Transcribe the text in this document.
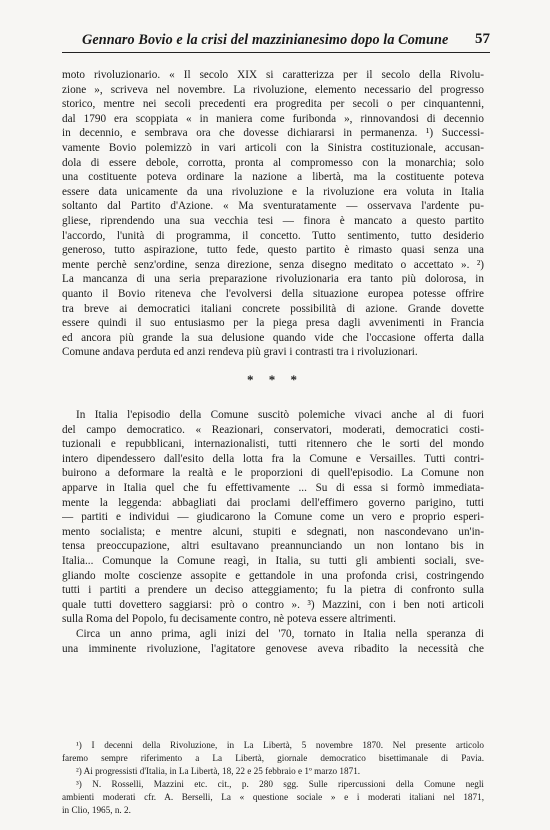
Gennaro Bovio e la crisi del mazzinianesimo dopo la Comune 57
moto rivoluzionario. « Il secolo XIX si caratterizza per il secolo della Rivolu-
zione », scriveva nel novembre. La rivoluzione, elemento necessario del progresso
storico, mentre nei secoli precedenti era progredita per secoli o per cinquantenni,
dal 1790 era scoppiata « in maniera come furibonda », rinnovandosi di decennio
in decennio, e sembrava ora che dovesse dichiararsi in permanenza. ¹) Successi-
vamente Bovio polemizzò in vari articoli con la Sinistra costituzionale, accusan-
dola di essere debole, corrotta, pronta al compromesso con la monarchia; solo
una costituente poteva ordinare la nazione a libertà, ma la costituente poteva
essere data unicamente da una rivoluzione e la rivoluzione era voluta in Italia
soltanto dal Partito d'Azione. « Ma sventuratamente — osservava l'ardente pu-
gliese, riprendendo una sua vecchia tesi — finora è mancato a questo partito
l'accordo, l'unità di programma, il concetto. Tutto sentimento, tutto desiderio
generoso, tutto aspirazione, tutto fede, questo partito è rimasto quasi senza una
mente perchè senz'ordine, senza direzione, senza disegno meditato o accettato ». ²)
La mancanza di una seria preparazione rivoluzionaria era tanto più dolorosa, in
quanto il Bovio riteneva che l'evolversi della situazione europea potesse offrire
tra breve ai democratici italiani concrete possibilità di azione. Grande dovette
essere quindi il suo entusiasmo per la piega presa dagli avvenimenti in Francia
ed ancora più grande la sua delusione quando vide che l'occasione offerta dalla
Comune andava perduta ed anzi rendeva più gravi i contrasti tra i rivoluzionari.
* * *
In Italia l'episodio della Comune suscitò polemiche vivaci anche al di fuori
del campo democratico. « Reazionari, conservatori, moderati, democratici costi-
tuzionali e repubblicani, internazionalisti, tutti ritennero che le sorti del mondo
intero dipendessero dall'esito della lotta fra la Comune e Versailles. Tutti contri-
buirono a deformare la realtà e le proporzioni di quell'episodio. La Comune non
apparve in Italia quel che fu effettivamente ... Su di essa si formò immediata-
mente la leggenda: abbagliati dai proclami dell'effimero governo parigino, tutti
— partiti e individui — giudicarono la Comune come un vero e proprio esperi-
mento socialista; e mentre alcuni, stupiti e sdegnati, non nascondevano un'in-
tensa preoccupazione, altri esultavano preannunciando un non lontano bis in
Italia... Comunque la Comune reagì, in Italia, su tutti gli ambienti sociali, sve-
gliando molte coscienze assopite e gettandole in una profonda crisi, costringendo
tutti i partiti a prendere un deciso atteggiamento; fu la pietra di confronto sulla
quale tutti dovettero saggiarsi: prò o contro ». ³) Mazzini, con i ben noti articoli
sulla Roma del Popolo, fu decisamente contro, nè poteva essere altrimenti.
Circa un anno prima, agli inizi del '70, tornato in Italia nella speranza di
una imminente rivoluzione, l'agitatore genovese aveva ribadito la necessità che
¹) I decenni della Rivoluzione, in La Libertà, 5 novembre 1870. Nel presente articolo
faremo sempre riferimento a La Libertà, giornale democratico bisettimanale di Pavia.
²) Ai progressisti d'Italia, in La Libertà, 18, 22 e 25 febbraio e 1º marzo 1871.
³) N. Rosselli, Mazzini etc. cit., p. 280 sgg. Sulle ripercussioni della Comune negli
ambienti moderati cfr. A. Berselli, La « questione sociale » e i moderati italiani nel 1871,
in Clio, 1965, n. 2.
